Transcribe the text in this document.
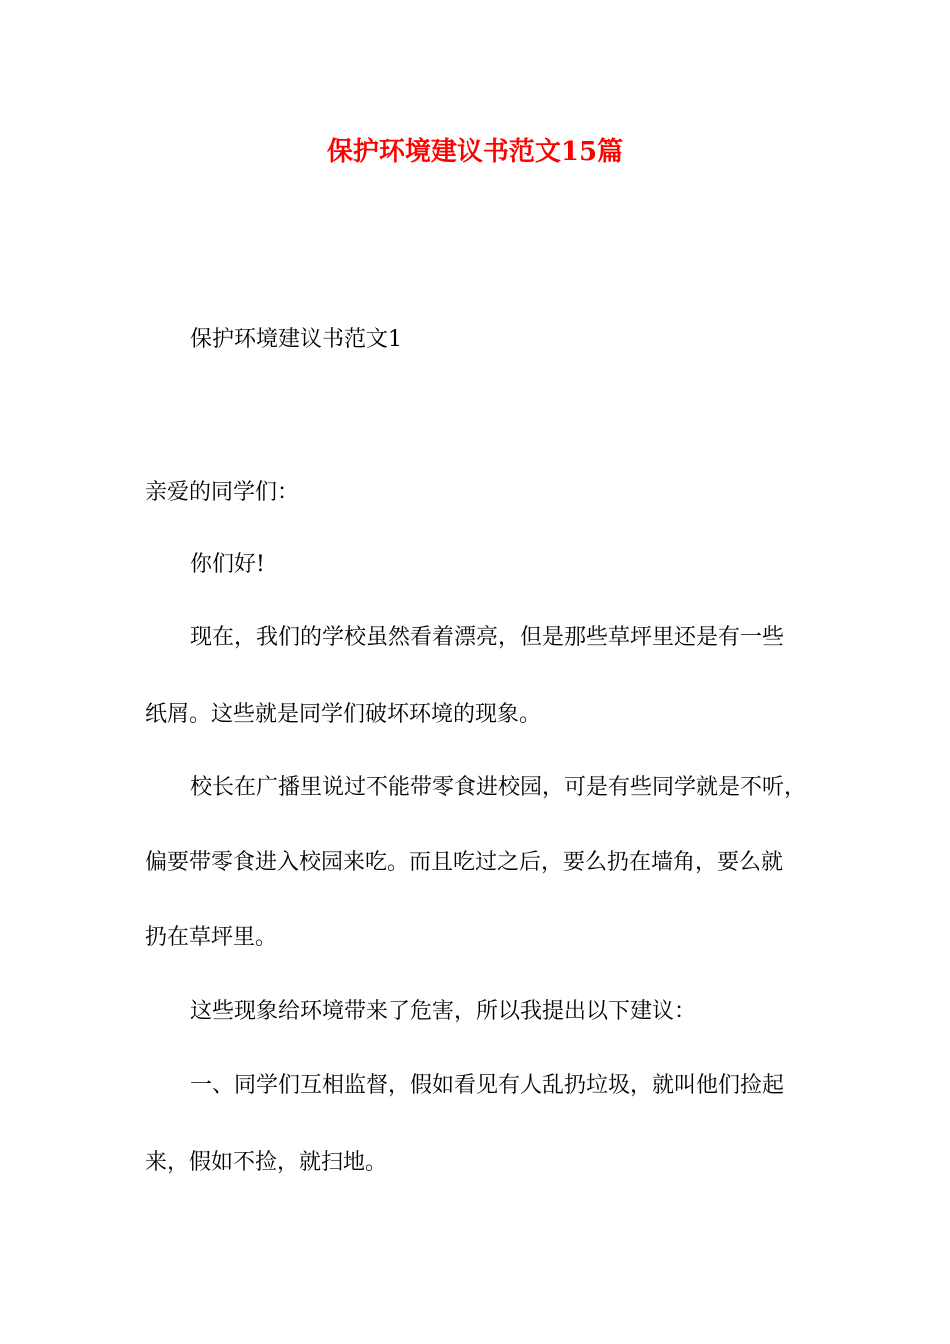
保护环境建议书范文15篇
保护环境建议书范文1
亲爱的同学们：
你们好!
现在，我们的学校虽然看着漂亮，但是那些草坪里还是有一些
纸屑。这些就是同学们破坏环境的现象。
校长在广播里说过不能带零食进校园，可是有些同学就是不听，
偏要带零食进入校园来吃。而且吃过之后，要么扔在墙角，要么就
扔在草坪里。
这些现象给环境带来了危害，所以我提出以下建议：
一、同学们互相监督，假如看见有人乱扔垃圾，就叫他们捡起
来，假如不捡，就扫地。
